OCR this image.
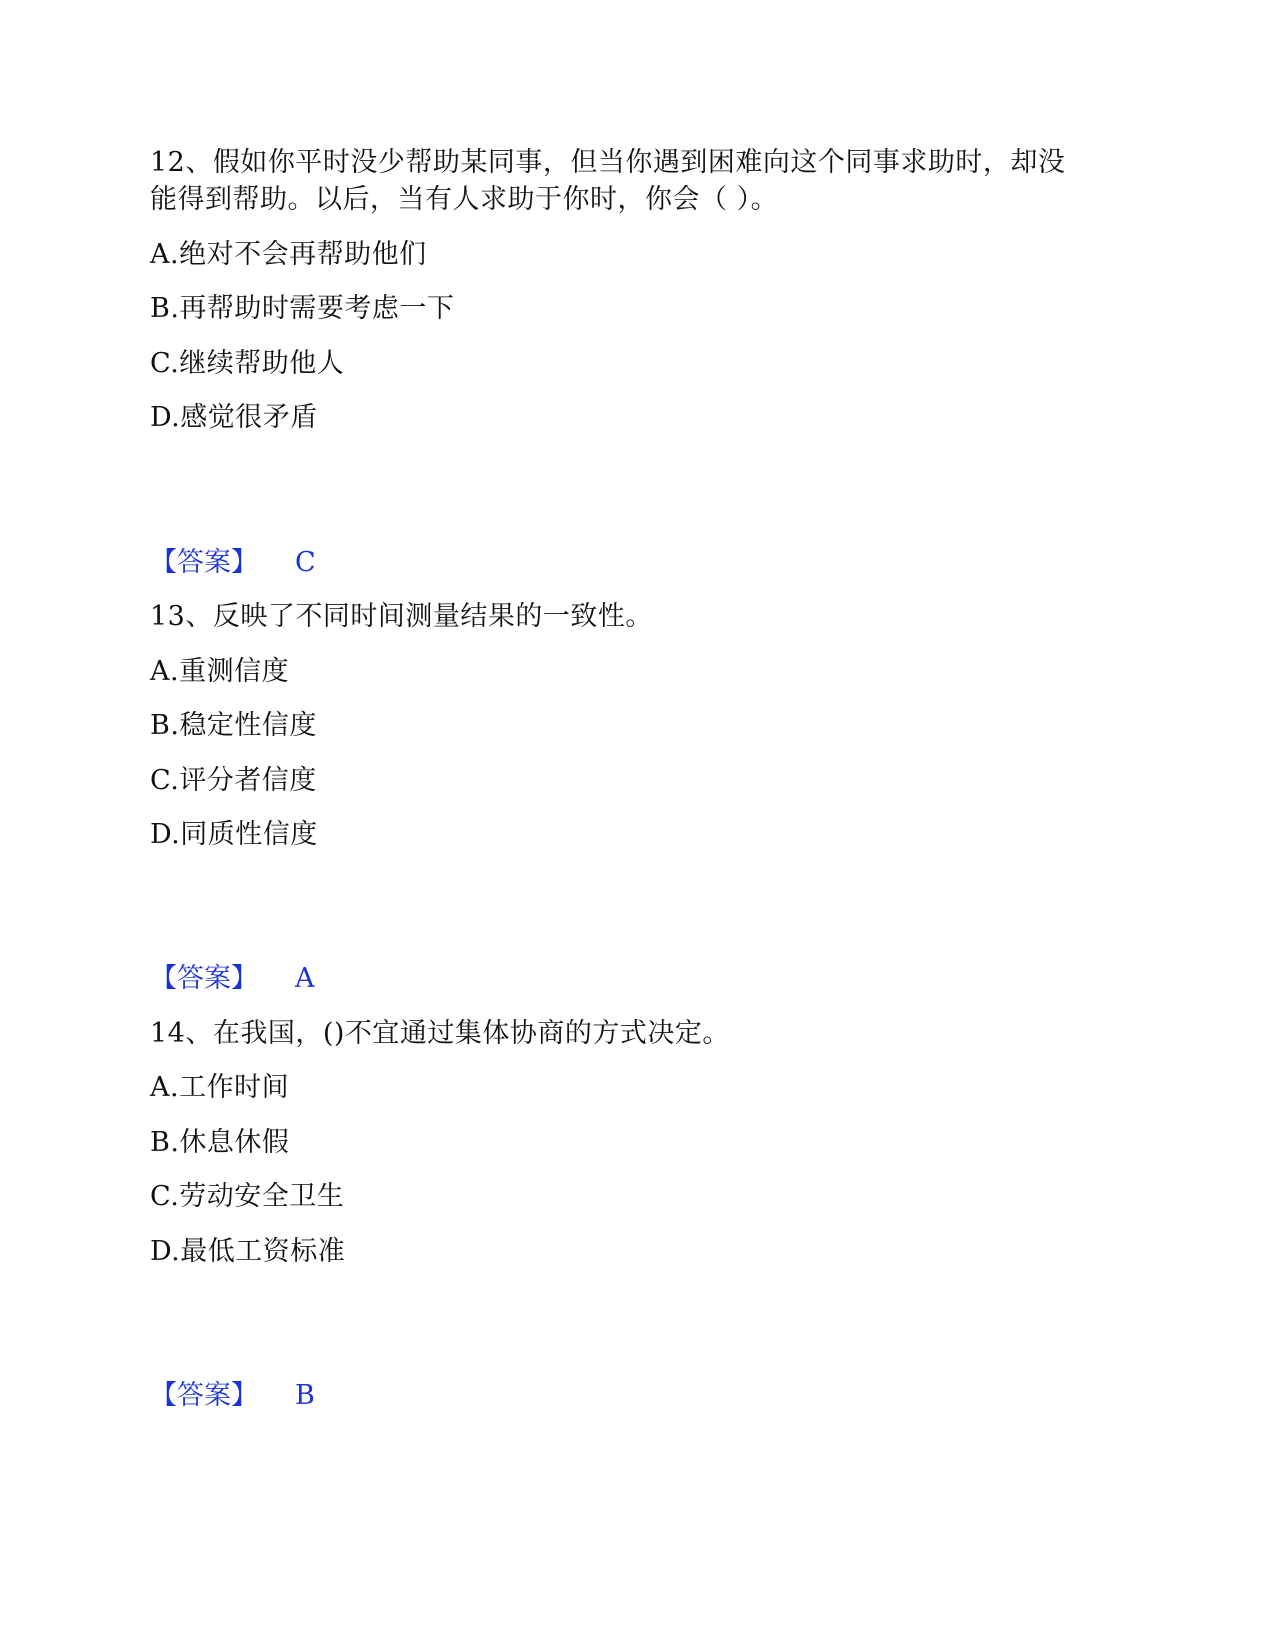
12、假如你平时没少帮助某同事，但当你遇到困难向这个同事求助时，却没
能得到帮助。以后，当有人求助于你时，你会（ ）。
A.绝对不会再帮助他们
B.再帮助时需要考虑一下
C.继续帮助他人
D.感觉很矛盾
【答案】 C
13、反映了不同时间测量结果的一致性。
A.重测信度
B.稳定性信度
C.评分者信度
D.同质性信度
【答案】 A
14、在我国，()不宜通过集体协商的方式决定。
A.工作时间
B.休息休假
C.劳动安全卫生
D.最低工资标准
【答案】 B
